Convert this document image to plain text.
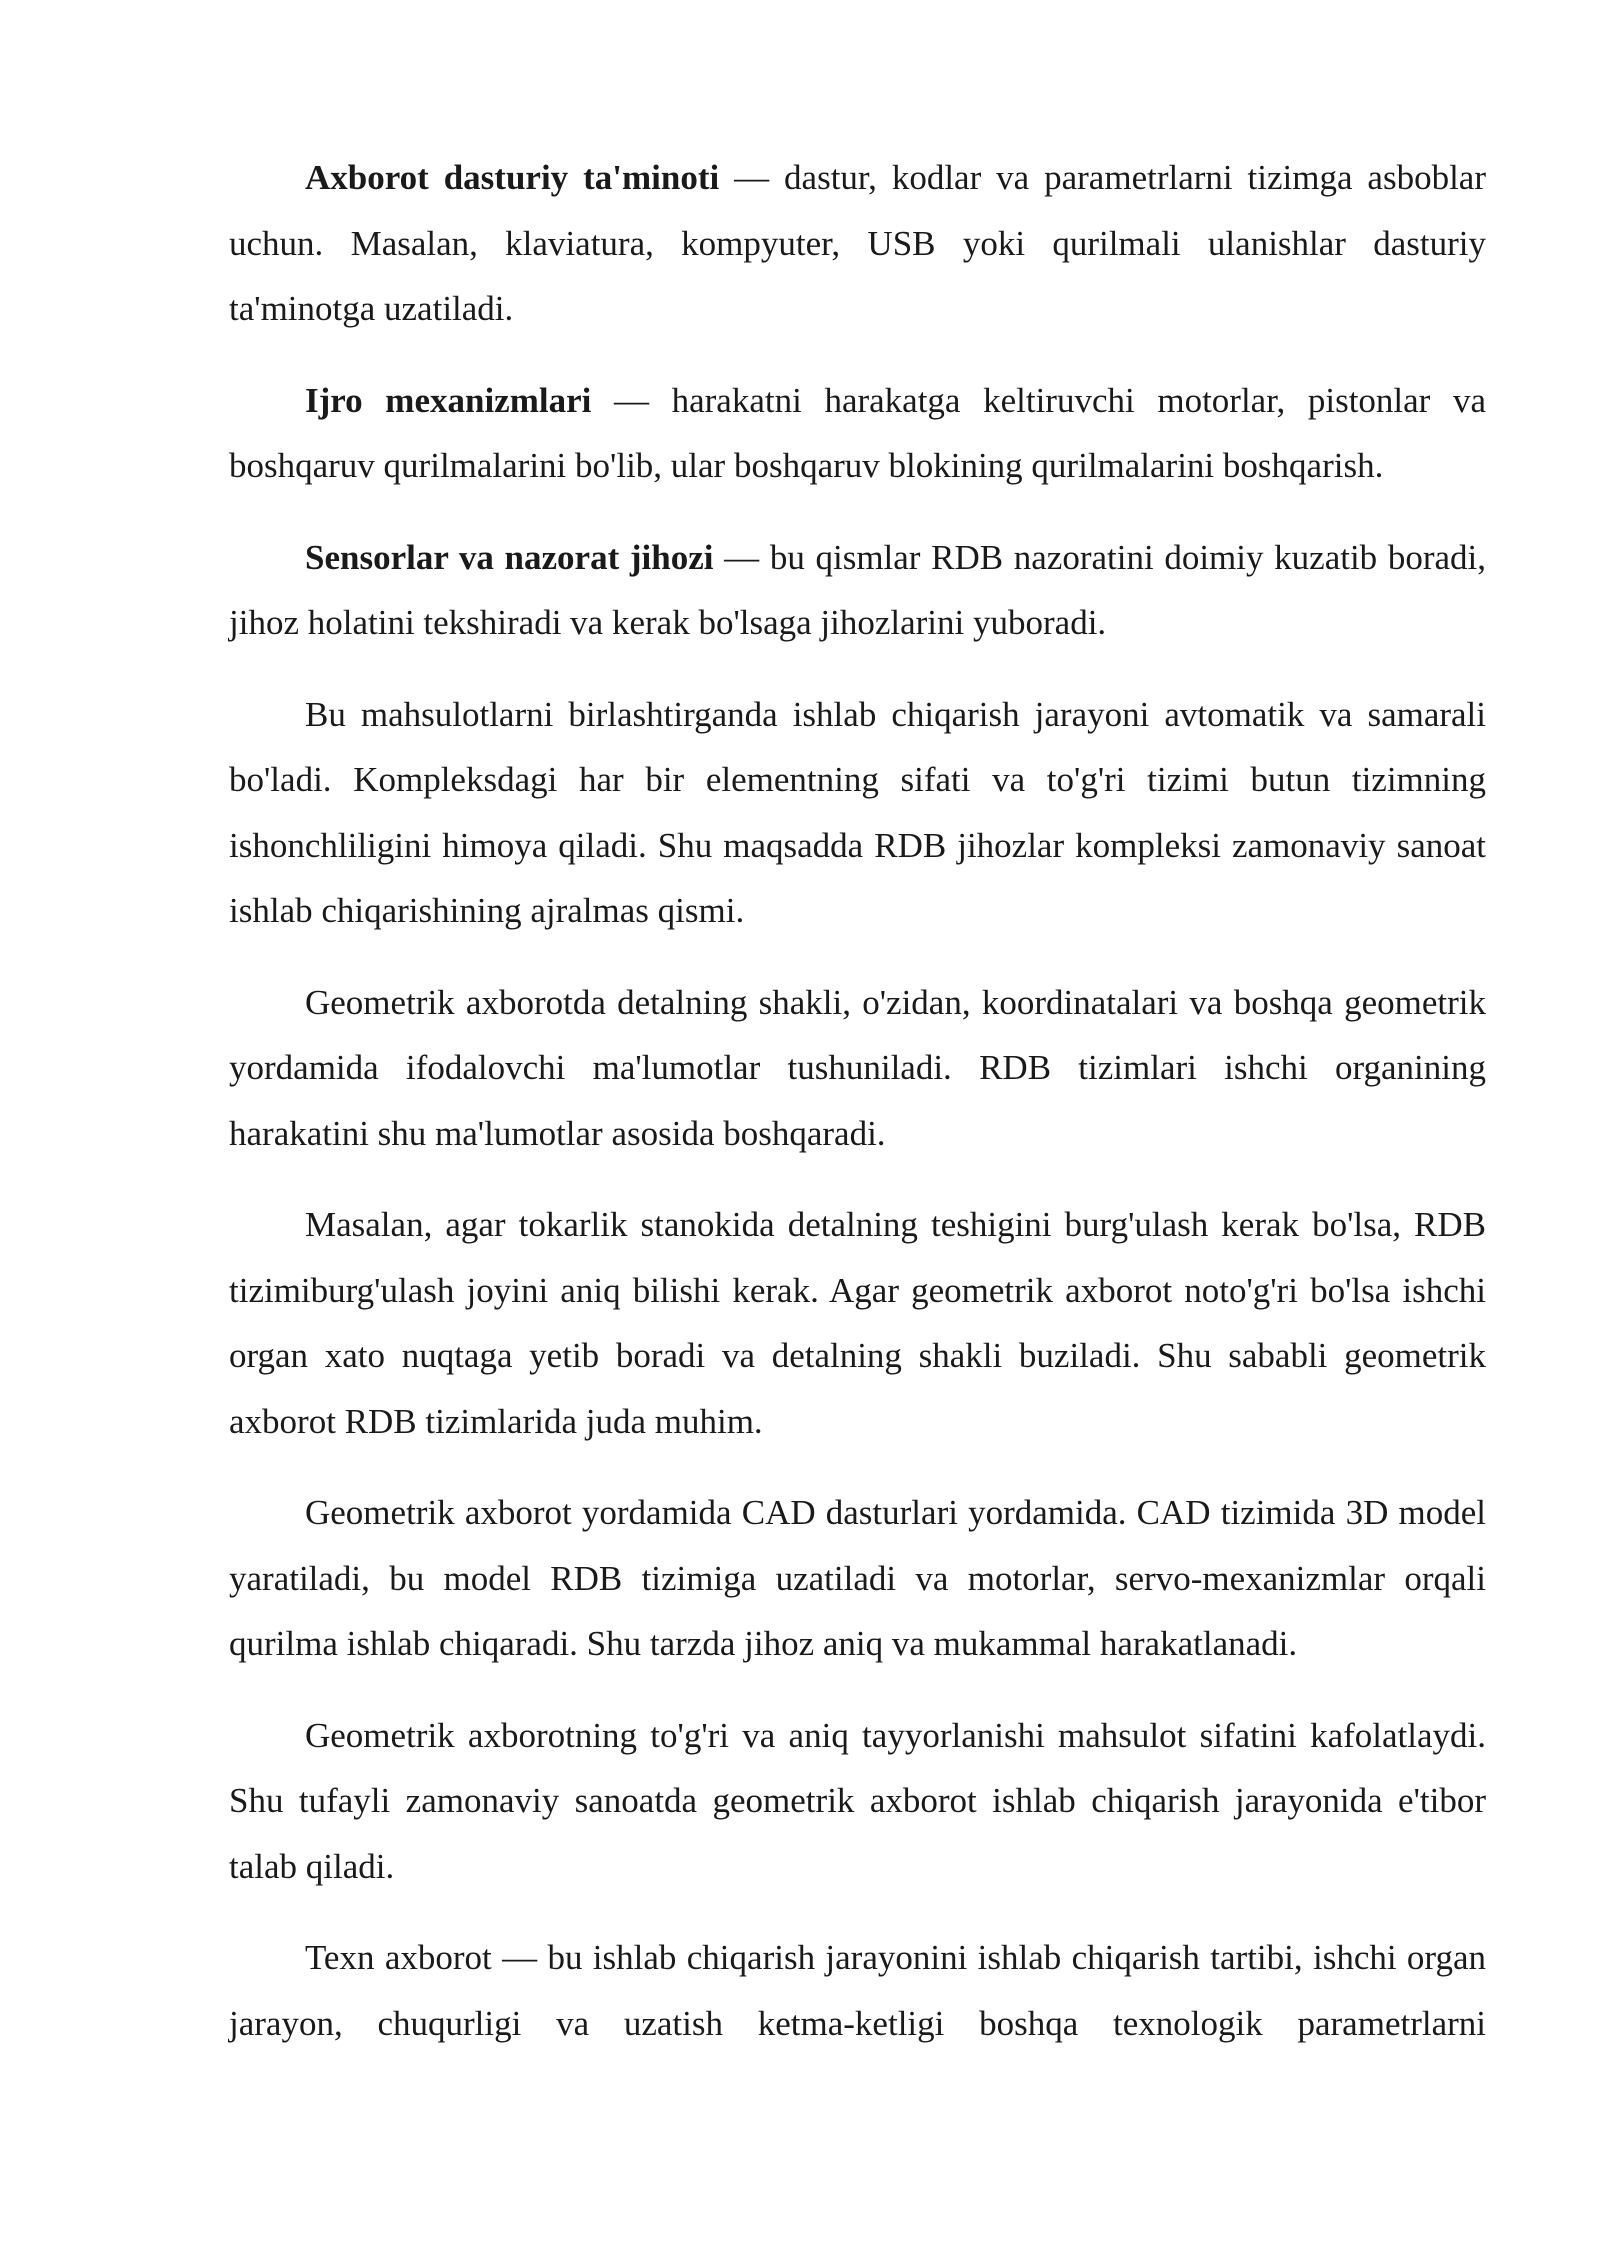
Axborot dasturiy ta'minoti — dastur, kodlar va parametrlarni tizimga asboblar uchun. Masalan, klaviatura, kompyuter, USB yoki qurilmali ulanishlar dasturiy ta'minotga uzatiladi.

Ijro mexanizmlari — harakatni harakatga keltiruvchi motorlar, pistonlar va boshqaruv qurilmalarini bo'lib, ular boshqaruv blokining qurilmalarini boshqarish.

Sensorlar va nazorat jihozi — bu qismlar RDB nazoratini doimiy kuzatib boradi, jihoz holatini tekshiradi va kerak bo'lsaga jihozlarini yuboradi.

Bu mahsulotlarni birlashtirganda ishlab chiqarish jarayoni avtomatik va samarali bo'ladi. Kompleksdagi har bir elementning sifati va to'g'ri tizimi butun tizimning ishonchliligini himoya qiladi. Shu maqsadda RDB jihozlar kompleksi zamonaviy sanoat ishlab chiqarishining ajralmas qismi.

Geometrik axborotda detalning shakli, o'zidan, koordinatalari va boshqa geometrik yordamida ifodalovchi ma'lumotlar tushuniladi. RDB tizimlari ishchi organining harakatini shu ma'lumotlar asosida boshqaradi.

Masalan, agar tokarlik stanokida detalning teshigini burg'ulash kerak bo'lsa, RDB tizimiburg'ulash joyini aniq bilishi kerak. Agar geometrik axborot noto'g'ri bo'lsa ishchi organ xato nuqtaga yetib boradi va detalning shakli buziladi. Shu sababli geometrik axborot RDB tizimlarida juda muhim.

Geometrik axborot yordamida CAD dasturlari yordamida. CAD tizimida 3D model yaratiladi, bu model RDB tizimiga uzatiladi va motorlar, servo-mexanizmlar orqali qurilma ishlab chiqaradi. Shu tarzda jihoz aniq va mukammal harakatlanadi.

Geometrik axborotning to'g'ri va aniq tayyorlanishi mahsulot sifatini kafolatlaydi. Shu tufayli zamonaviy sanoatda geometrik axborot ishlab chiqarish jarayonida e'tibor talab qiladi.

Texn axborot — bu ishlab chiqarish jarayonini ishlab chiqarish tartibi, ishchi organ jarayon, chuqurligi va uzatish ketma-ketligi boshqa texnologik parametrlarni
